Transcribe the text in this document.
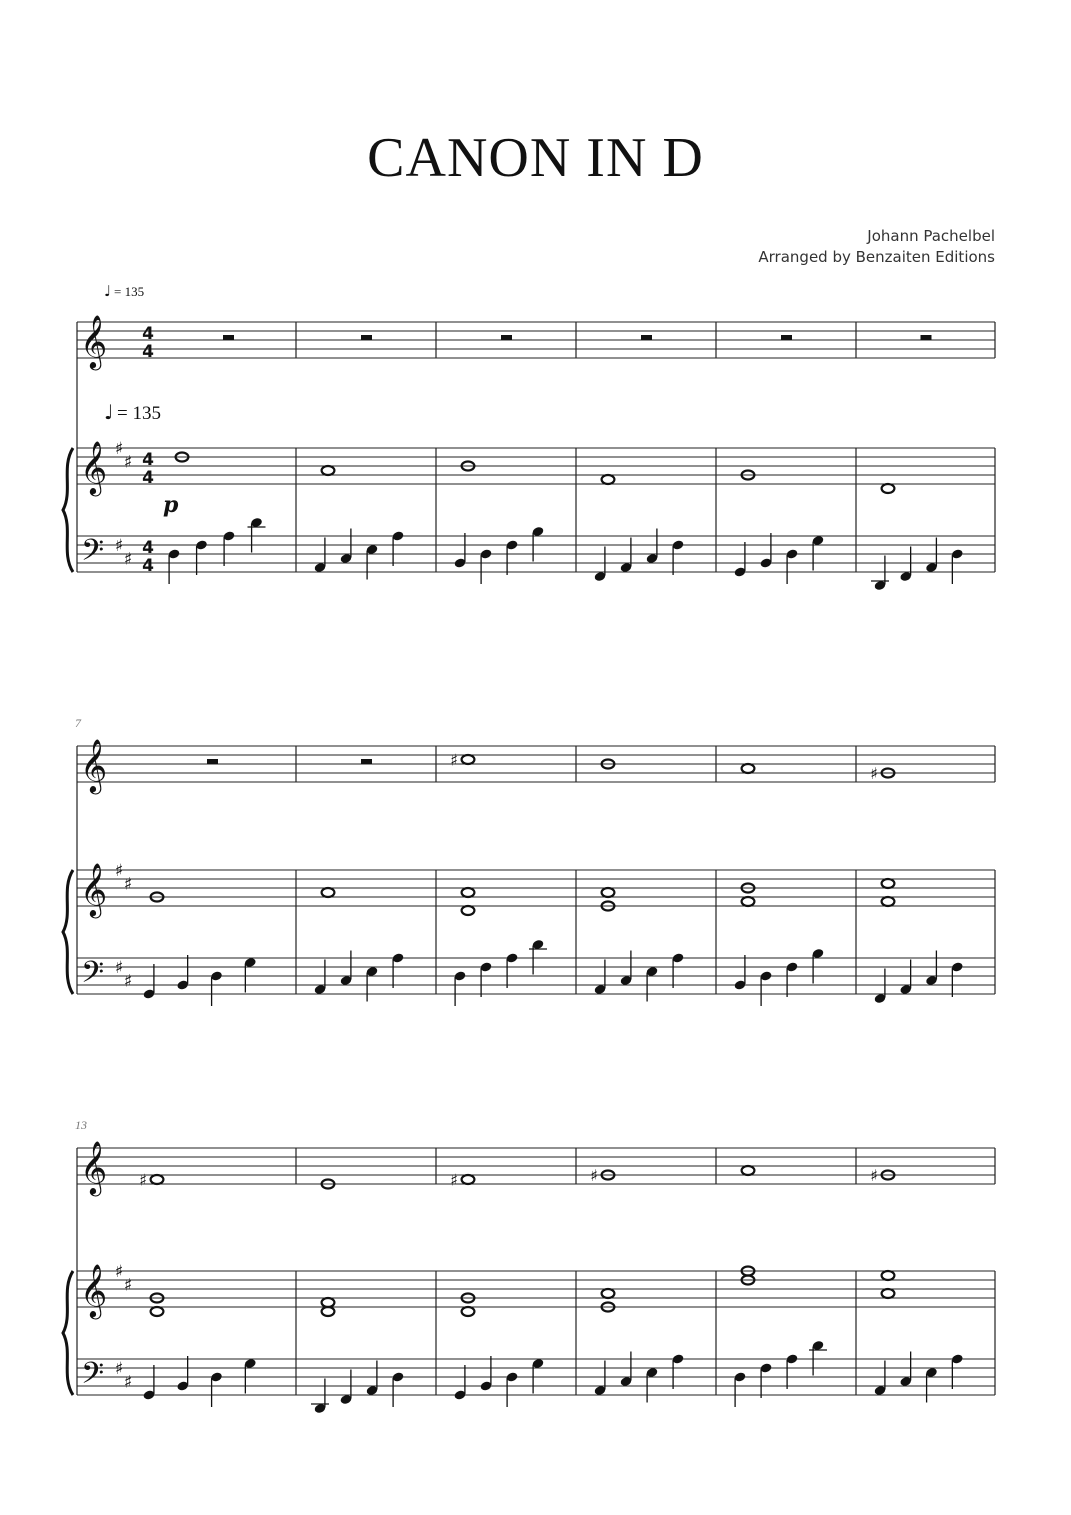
CANON IN D
Johann Pachelbel
Arranged by Benzaiten Editions
𝄞
𝄞
𝄢
♯
♯
♯
♯
4
4
4
4
4
4
♩ = 135
♩ = 135
p
𝄞
𝄞
𝄢
♯
♯
♯
♯
7
♯
♯
𝄞
𝄞
𝄢
♯
♯
♯
♯
13
♯	♯	♯	♯
